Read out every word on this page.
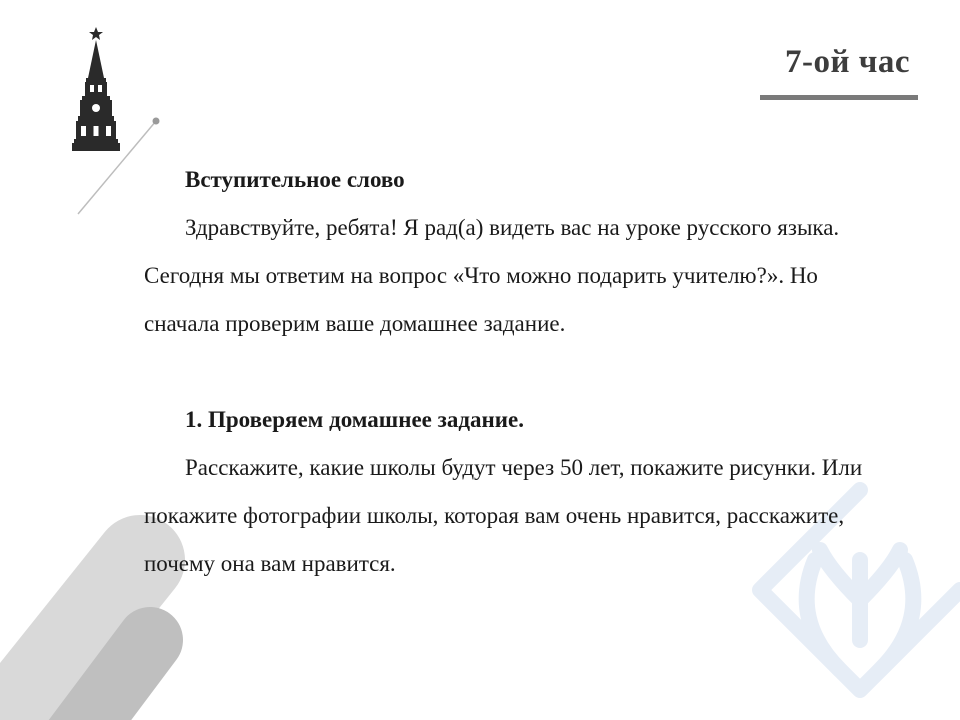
7-ой час

Вступительное слово

Здравствуйте, ребята! Я рад(а) видеть вас на уроке русского языка. Сегодня мы ответим на вопрос «Что можно подарить учителю?». Но сначала проверим ваше домашнее задание.

1. Проверяем домашнее задание.

Расскажите, какие школы будут через 50 лет, покажите рисунки. Или покажите фотографии школы, которая вам очень нравится, расскажите, почему она вам нравится.
